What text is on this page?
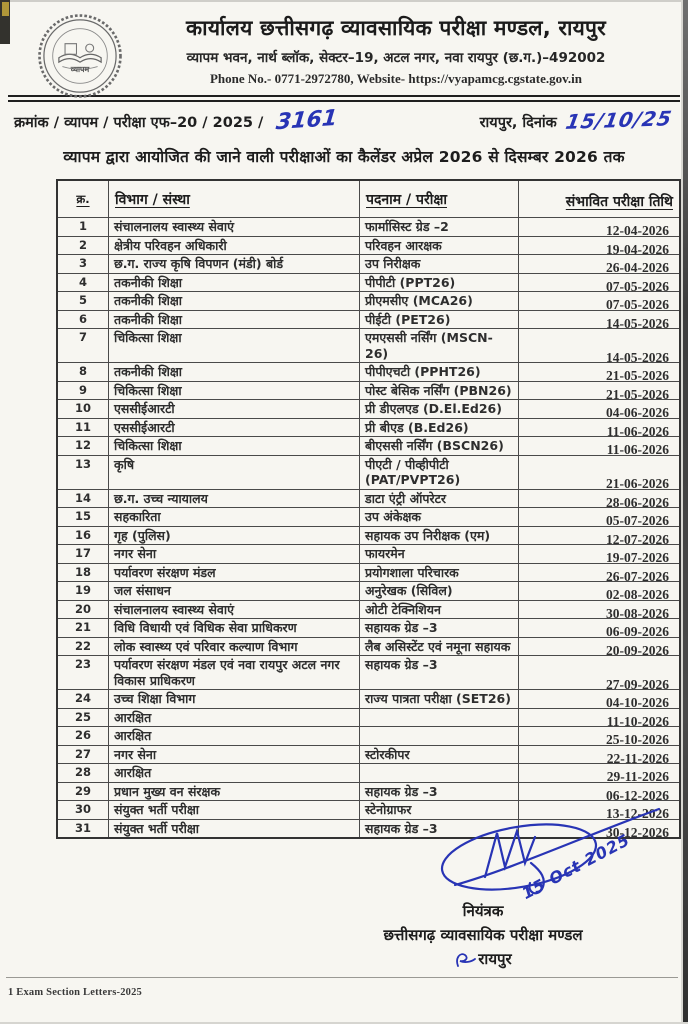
व्यापम
कार्यालय छत्तीसगढ़ व्यावसायिक परीक्षा मण्डल, रायपुर
व्यापम भवन, नार्थ ब्लॉक, सेक्टर–19, अटल नगर, नवा रायपुर (छ.ग.)–492002
Phone No.- 0771-2972780, Website- https://vyapamcg.cgstate.gov.in
क्रमांक / व्यापम / परीक्षा एफ–20 / 2025 / 3161	रायपुर, दिनांक 15/10/25
व्यापम द्वारा आयोजित की जाने वाली परीक्षाओं का कैलेंडर अप्रेल 2026 से दिसम्बर 2026 तक
क्र.	विभाग / संस्था	पदनाम / परीक्षा	संभावित परीक्षा तिथि
1	संचालनालय स्वास्थ्य सेवाएं	फार्मासिस्ट ग्रेड –2	12-04-2026
2	क्षेत्रीय परिवहन अधिकारी	परिवहन आरक्षक	19-04-2026
3	छ.ग. राज्य कृषि विपणन (मंडी) बोर्ड	उप निरीक्षक	26-04-2026
4	तकनीकी शिक्षा	पीपीटी (PPT26)	07-05-2026
5	तकनीकी शिक्षा	प्रीएमसीए (MCA26)	07-05-2026
6	तकनीकी शिक्षा	पीईटी (PET26)	14-05-2026
7	चिकित्सा शिक्षा	एमएससी नर्सिंग (MSCN-26)	14-05-2026
8	तकनीकी शिक्षा	पीपीएचटी (PPHT26)	21-05-2026
9	चिकित्सा शिक्षा	पोस्ट बेसिक नर्सिंग (PBN26)	21-05-2026
10	एससीईआरटी	प्री डीएलएड (D.El.Ed26)	04-06-2026
11	एससीईआरटी	प्री बीएड (B.Ed26)	11-06-2026
12	चिकित्सा शिक्षा	बीएससी नर्सिंग (BSCN26)	11-06-2026
13	कृषि	पीएटी / पीव्हीपीटी (PAT/PVPT26)	21-06-2026
14	छ.ग. उच्च न्यायालय	डाटा एंट्री ऑपरेटर	28-06-2026
15	सहकारिता	उप अंकेक्षक	05-07-2026
16	गृह (पुलिस)	सहायक उप निरीक्षक (एम)	12-07-2026
17	नगर सेना	फायरमेन	19-07-2026
18	पर्यावरण संरक्षण मंडल	प्रयोगशाला परिचारक	26-07-2026
19	जल संसाधन	अनुरेखक (सिविल)	02-08-2026
20	संचालनालय स्वास्थ्य सेवाएं	ओटी टेक्निशियन	30-08-2026
21	विधि विधायी एवं विधिक सेवा प्राधिकरण	सहायक ग्रेड –3	06-09-2026
22	लोक स्वास्थ्य एवं परिवार कल्याण विभाग	लैब असिस्टेंट एवं नमूना सहायक	20-09-2026
23	पर्यावरण संरक्षण मंडल एवं नवा रायपुर अटल नगर विकास प्राधिकरण	सहायक ग्रेड –3	27-09-2026
24	उच्च शिक्षा विभाग	राज्य पात्रता परीक्षा (SET26)	04-10-2026
25	आरक्षित		11-10-2026
26	आरक्षित		25-10-2026
27	नगर सेना	स्टोरकीपर	22-11-2026
28	आरक्षित		29-11-2026
29	प्रधान मुख्य वन संरक्षक	सहायक ग्रेड –3	06-12-2026
30	संयुक्त भर्ती परीक्षा	स्टेनोग्राफर	13-12-2026
31	संयुक्त भर्ती परीक्षा	सहायक ग्रेड –3	30-12-2026
15 Oct 2025
नियंत्रक
छत्तीसगढ़ व्यावसायिक परीक्षा मण्डल
रायपुर
1 Exam Section Letters-2025
